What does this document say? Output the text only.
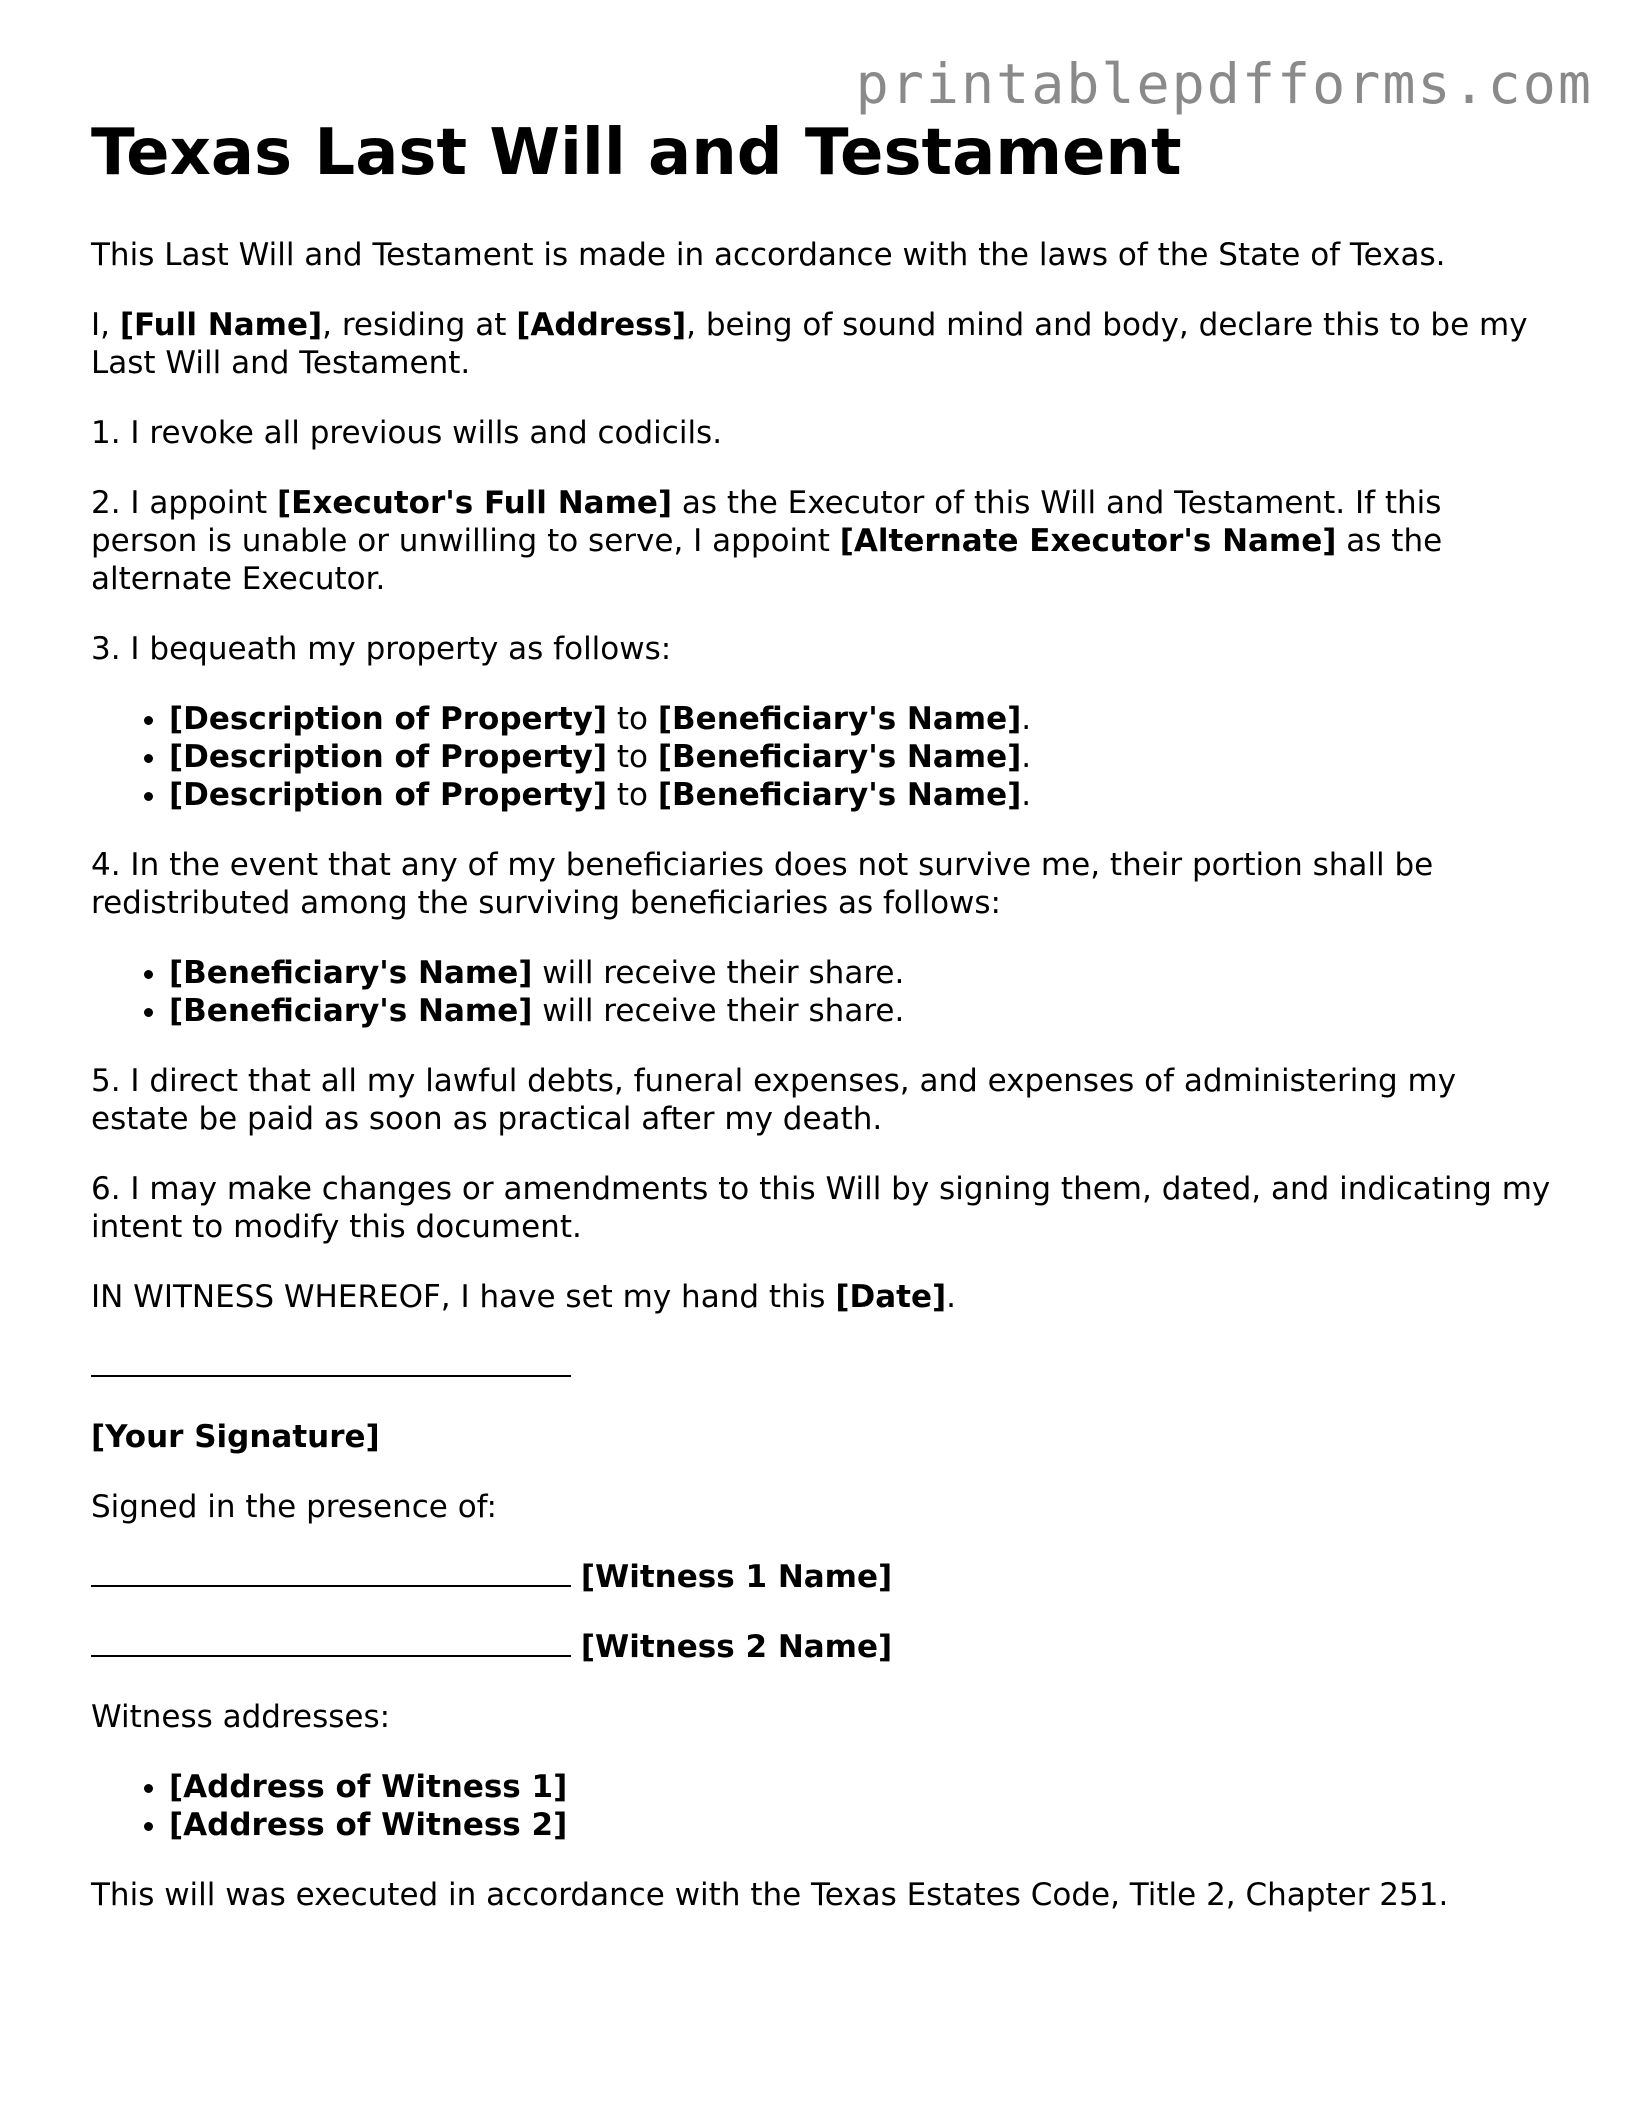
printablepdfforms.com
Texas Last Will and Testament

This Last Will and Testament is made in accordance with the laws of the State of Texas.

I, [Full Name], residing at [Address], being of sound mind and body, declare this to be my Last Will and Testament.

1. I revoke all previous wills and codicils.

2. I appoint [Executor's Full Name] as the Executor of this Will and Testament. If this person is unable or unwilling to serve, I appoint [Alternate Executor's Name] as the alternate Executor.

3. I bequeath my property as follows:

• [Description of Property] to [Beneficiary's Name].
• [Description of Property] to [Beneficiary's Name].
• [Description of Property] to [Beneficiary's Name].

4. In the event that any of my beneficiaries does not survive me, their portion shall be redistributed among the surviving beneficiaries as follows:

• [Beneficiary's Name] will receive their share.
• [Beneficiary's Name] will receive their share.

5. I direct that all my lawful debts, funeral expenses, and expenses of administering my estate be paid as soon as practical after my death.

6. I may make changes or amendments to this Will by signing them, dated, and indicating my intent to modify this document.

IN WITNESS WHEREOF, I have set my hand this [Date].

[Your Signature]

Signed in the presence of:

[Witness 1 Name]
[Witness 2 Name]

Witness addresses:

• [Address of Witness 1]
• [Address of Witness 2]

This will was executed in accordance with the Texas Estates Code, Title 2, Chapter 251.
